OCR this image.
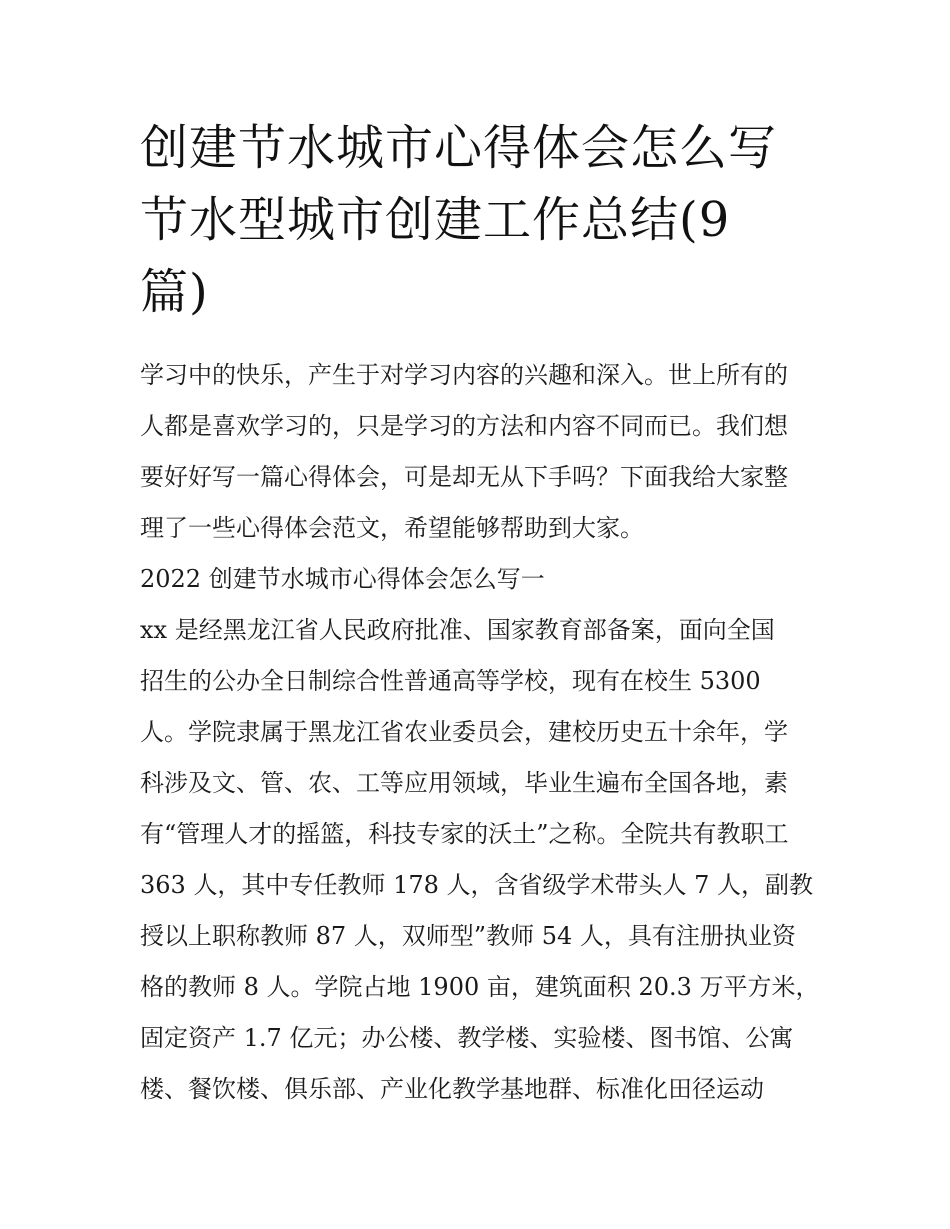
创建节水城市心得体会怎么写
节水型城市创建工作总结(9
篇)

学习中的快乐，产生于对学习内容的兴趣和深入。世上所有的
人都是喜欢学习的，只是学习的方法和内容不同而已。我们想
要好好写一篇心得体会，可是却无从下手吗？下面我给大家整
理了一些心得体会范文，希望能够帮助到大家。

2022 创建节水城市心得体会怎么写一

xx 是经黑龙江省人民政府批准、国家教育部备案，面向全国
招生的公办全日制综合性普通高等学校，现有在校生 5300
人。学院隶属于黑龙江省农业委员会，建校历史五十余年，学
科涉及文、管、农、工等应用领域，毕业生遍布全国各地，素
有“管理人才的摇篮，科技专家的沃土”之称。全院共有教职工
363 人，其中专任教师 178 人，含省级学术带头人 7 人，副教
授以上职称教师 87 人，双师型”教师 54 人，具有注册执业资
格的教师 8 人。学院占地 1900 亩，建筑面积 20.3 万平方米，
固定资产 1.7 亿元；办公楼、教学楼、实验楼、图书馆、公寓
楼、餐饮楼、俱乐部、产业化教学基地群、标准化田径运动
